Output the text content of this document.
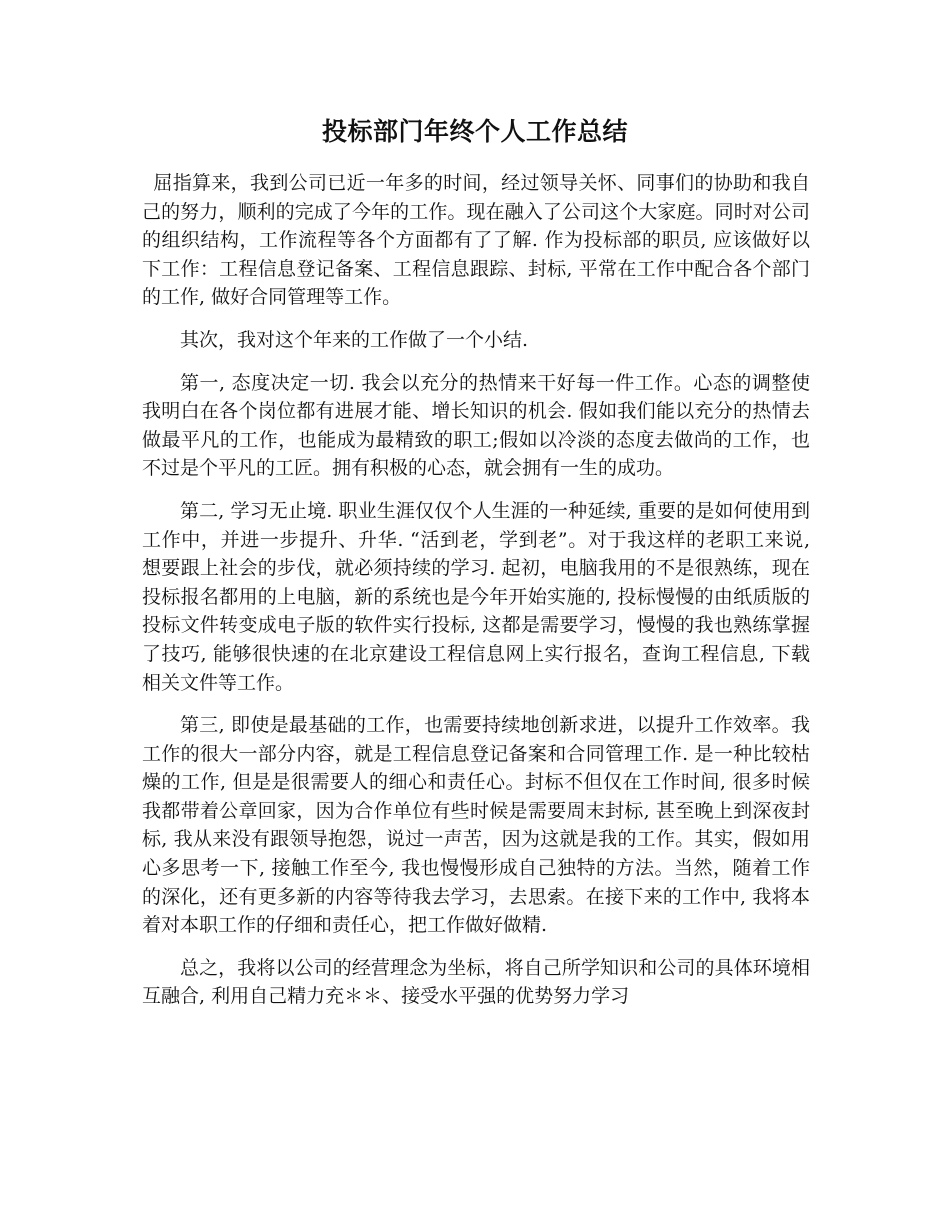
投标部门年终个人工作总结

屈指算来，我到公司已近一年多的时间，经过领导关怀、同事们的协助和我自己的努力，顺利的完成了今年的工作。现在融入了公司这个大家庭。同时对公司的组织结构，工作流程等各个方面都有了了解. 作为投标部的职员, 应该做好以下工作：工程信息登记备案、工程信息跟踪、封标, 平常在工作中配合各个部门的工作, 做好合同管理等工作。

其次，我对这个年来的工作做了一个小结.

第一, 态度决定一切. 我会以充分的热情来干好每一件工作。心态的调整使我明白在各个岗位都有进展才能、增长知识的机会. 假如我们能以充分的热情去做最平凡的工作，也能成为最精致的职工;假如以冷淡的态度去做尚的工作，也不过是个平凡的工匠。拥有积极的心态，就会拥有一生的成功。

第二, 学习无止境. 职业生涯仅仅个人生涯的一种延续, 重要的是如何使用到工作中，并进一步提升、升华. “活到老，学到老”。对于我这样的老职工来说, 想要跟上社会的步伐，就必须持续的学习. 起初，电脑我用的不是很熟练，现在投标报名都用的上电脑，新的系统也是今年开始实施的, 投标慢慢的由纸质版的投标文件转变成电子版的软件实行投标, 这都是需要学习，慢慢的我也熟练掌握了技巧, 能够很快速的在北京建设工程信息网上实行报名，查询工程信息, 下载相关文件等工作。

第三, 即使是最基础的工作，也需要持续地创新求进，以提升工作效率。我工作的很大一部分内容，就是工程信息登记备案和合同管理工作. 是一种比较枯燥的工作, 但是是很需要人的细心和责任心。封标不但仅在工作时间, 很多时候我都带着公章回家，因为合作单位有些时候是需要周末封标, 甚至晚上到深夜封标, 我从来没有跟领导抱怨，说过一声苦，因为这就是我的工作。其实，假如用心多思考一下, 接触工作至今, 我也慢慢形成自己独特的方法。当然，随着工作的深化，还有更多新的内容等待我去学习，去思索。在接下来的工作中, 我将本着对本职工作的仔细和责任心，把工作做好做精.

总之，我将以公司的经营理念为坐标，将自己所学知识和公司的具体环境相互融合, 利用自己精力充＊＊、接受水平强的优势努力学习
